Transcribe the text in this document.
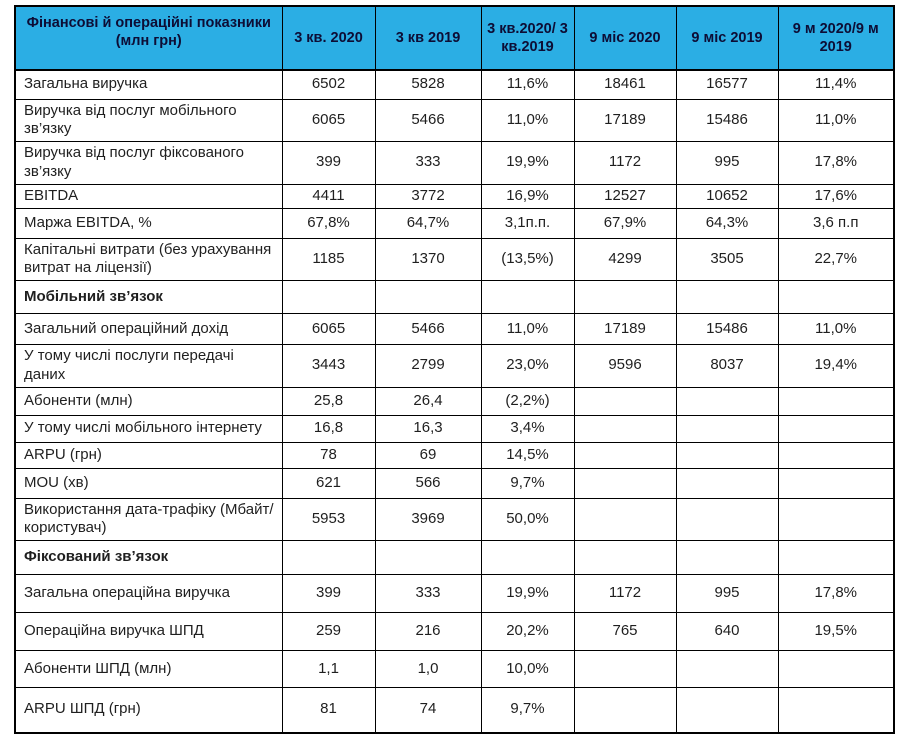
Фінансові й операційні показники (млн грн)	3 кв. 2020	3 кв 2019	3 кв.2020/ 3 кв.2019	9 міс 2020	9 міс 2019	9 м 2020/9 м 2019
Загальна виручка	6502	5828	11,6%	18461	16577	11,4%
Виручка від послуг мобільного зв’язку	6065	5466	11,0%	17189	15486	11,0%
Виручка від послуг фіксованого зв’язку	399	333	19,9%	1172	995	17,8%
EBITDA	4411	3772	16,9%	12527	10652	17,6%
Маржа EBITDA, %	67,8%	64,7%	3,1п.п.	67,9%	64,3%	3,6 п.п
Капітальні витрати (без урахування витрат на ліцензії)	1185	1370	(13,5%)	4299	3505	22,7%
Мобільний зв’язок						
Загальний операційний дохід	6065	5466	11,0%	17189	15486	11,0%
У тому числі послуги передачі даних	3443	2799	23,0%	9596	8037	19,4%
Абоненти (млн)	25,8	26,4	(2,2%)			
У тому числі мобільного інтернету	16,8	16,3	3,4%			
ARPU (грн)	78	69	14,5%			
MOU (хв)	621	566	9,7%			
Використання дата-трафіку (Мбайт/користувач)	5953	3969	50,0%			
Фіксований зв’язок						
Загальна операційна виручка	399	333	19,9%	1172	995	17,8%
Операційна виручка ШПД	259	216	20,2%	765	640	19,5%
Абоненти ШПД (млн)	1,1	1,0	10,0%			
ARPU ШПД (грн)	81	74	9,7%			
